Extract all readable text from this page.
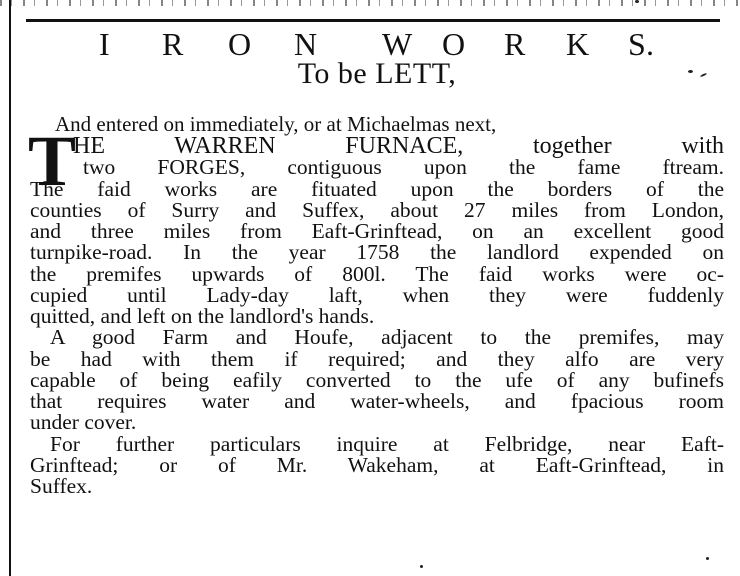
I R O N W O R K S .
To be LETT,
And entered on immediately, or at Michaelmas next,
T
HE WARREN FURNACE, together with
two FORGES, contiguous upon the fame ftream.
The faid works are fituated upon the borders of the
counties of Surry and Suffex, about 27 miles from London,
and three miles from Eaft-Grinftead, on an excellent good
turnpike-road. In the year 1758 the landlord expended on
the premifes upwards of 800l. The faid works were oc-
cupied until Lady-day laft, when they were fuddenly
quitted, and left on the landlord's hands.
A good Farm and Houfe, adjacent to the premifes, may
be had with them if required; and they alfo are very
capable of being eafily converted to the ufe of any bufinefs
that requires water and water-wheels, and fpacious room
under cover.
For further particulars inquire at Felbridge, near Eaft-
Grinftead; or of Mr. Wakeham, at Eaft-Grinftead, in
Suffex.
